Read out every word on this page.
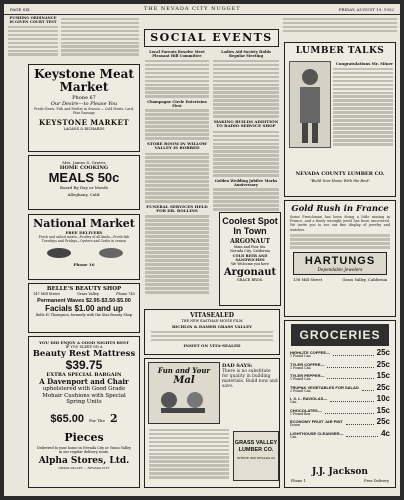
PAGE SIX	THE NEVADA CITY NUGGET	FRIDAY, AUGUST 19, 1932
PUSHING ORDINANCE IS GIVEN COURT TEST
Keystone Meat Market
Phone 67
Our Desire—to Please You
Fresh Meats, Fish and Poultry in Season — Cold Meats, Lard, Fine Sausage
KEYSTONE MARKET
LAGANS & RICHARDS
Mrs. James S. Graves
HOME COOKING
MEALS 50c
Board By Day or Month
Alleghany, Calif.
National Market
FREE DELIVERY
Fresh and salted meats—Poultry of all kinds—Fresh fish Tuesdays and Fridays—Oysters and Crabs in season
Phone 16
BELLE'S BEAUTY SHOP
147 Mill Street	Grass Valley	Phone 740
Permanent Waves $2.95-$3.50-$5.00
Facials $1.00 and up
Belle H. Thompson, formerly with the Star Beauty Shop
YOU DID ENJOY A GOOD NIGHTS REST
IF YOU SLEEP ON A
Beauty Rest Mattress
$39.75
EXTRA SPECIAL BARGAIN
A Davenport and Chair
upholstered with Good Grade Mohair Cushions with Special Spring Units
$65.00 For The 2 Pieces
Delivered to your home in Nevada City or Grass Valley in our regular delivery route.
Alpha Stores, Ltd.
GRASS VALLEY — NEVADA CITY
SOCIAL EVENTS
Local Parents Resolve Meet Pleasant Hill Committee
Champagne Circle Entertains First
STORE ROOM IN WILLOW VALLEY IS ROBBED
FUNERAL SERVICES HELD FOR DR. ROLLINS
Ladies Aid Society Holds Regular Meeting
MAKING BUILDS ADDITION TO RADIO SERVICE SHOP
Golden Wedding Jubilee Marks Anniversary
Coolest Spot In Town
ARGONAUT
Main and Pine Sts.
Nevada City, California
COLD BEER AND SANDWICHES
We Welcome you here
Argonaut
GRACE BROS.
VITASEALED
THE NEW EASTMAN MOVIE FILM
RICHLIN & DAMER GRASS VALLEY
INSIST ON VITA-SEALED
Fun and Your
Mal
DAD SAYS:
There is no substitute for quality in building materials. Build now and save.
GRASS VALLEY LUMBER CO.
PHONE 999 NEVADA 60
LUMBER TALKS
Congratulations Mr. Miner
NEVADA COUNTY LUMBER CO.
"Build Your Home With the Best"
Gold Rush in France
Some Frenchman has been doing a little mining in France, and a finely wrought jewel has been uncovered. We invite you to see our fine display of jewelry and watches.
HARTUNGS
Dependable Jewelers
138 Mill Street	Grass Valley, California
GROCERIES
HIGHLITE COFFEE—	25c
1 Pound Can
TYLER COFFEE—	25c
1 Pound Can
TYLER PEPPER—	15c
1 Pound Can
TRUPAK VEGETABLES FOR SALAD 25c
2 Pound Can
I. X. L. RAVIOLAS—	10c
Can
CHOCOLATES—	15c
1 Pound Box
ECONOMY FRUIT JAR PINT	25c
Dozen
LIGHTHOUSE CLEANSER—	4c
Can
J.J. Jackson
Phone 1	Free Delivery
